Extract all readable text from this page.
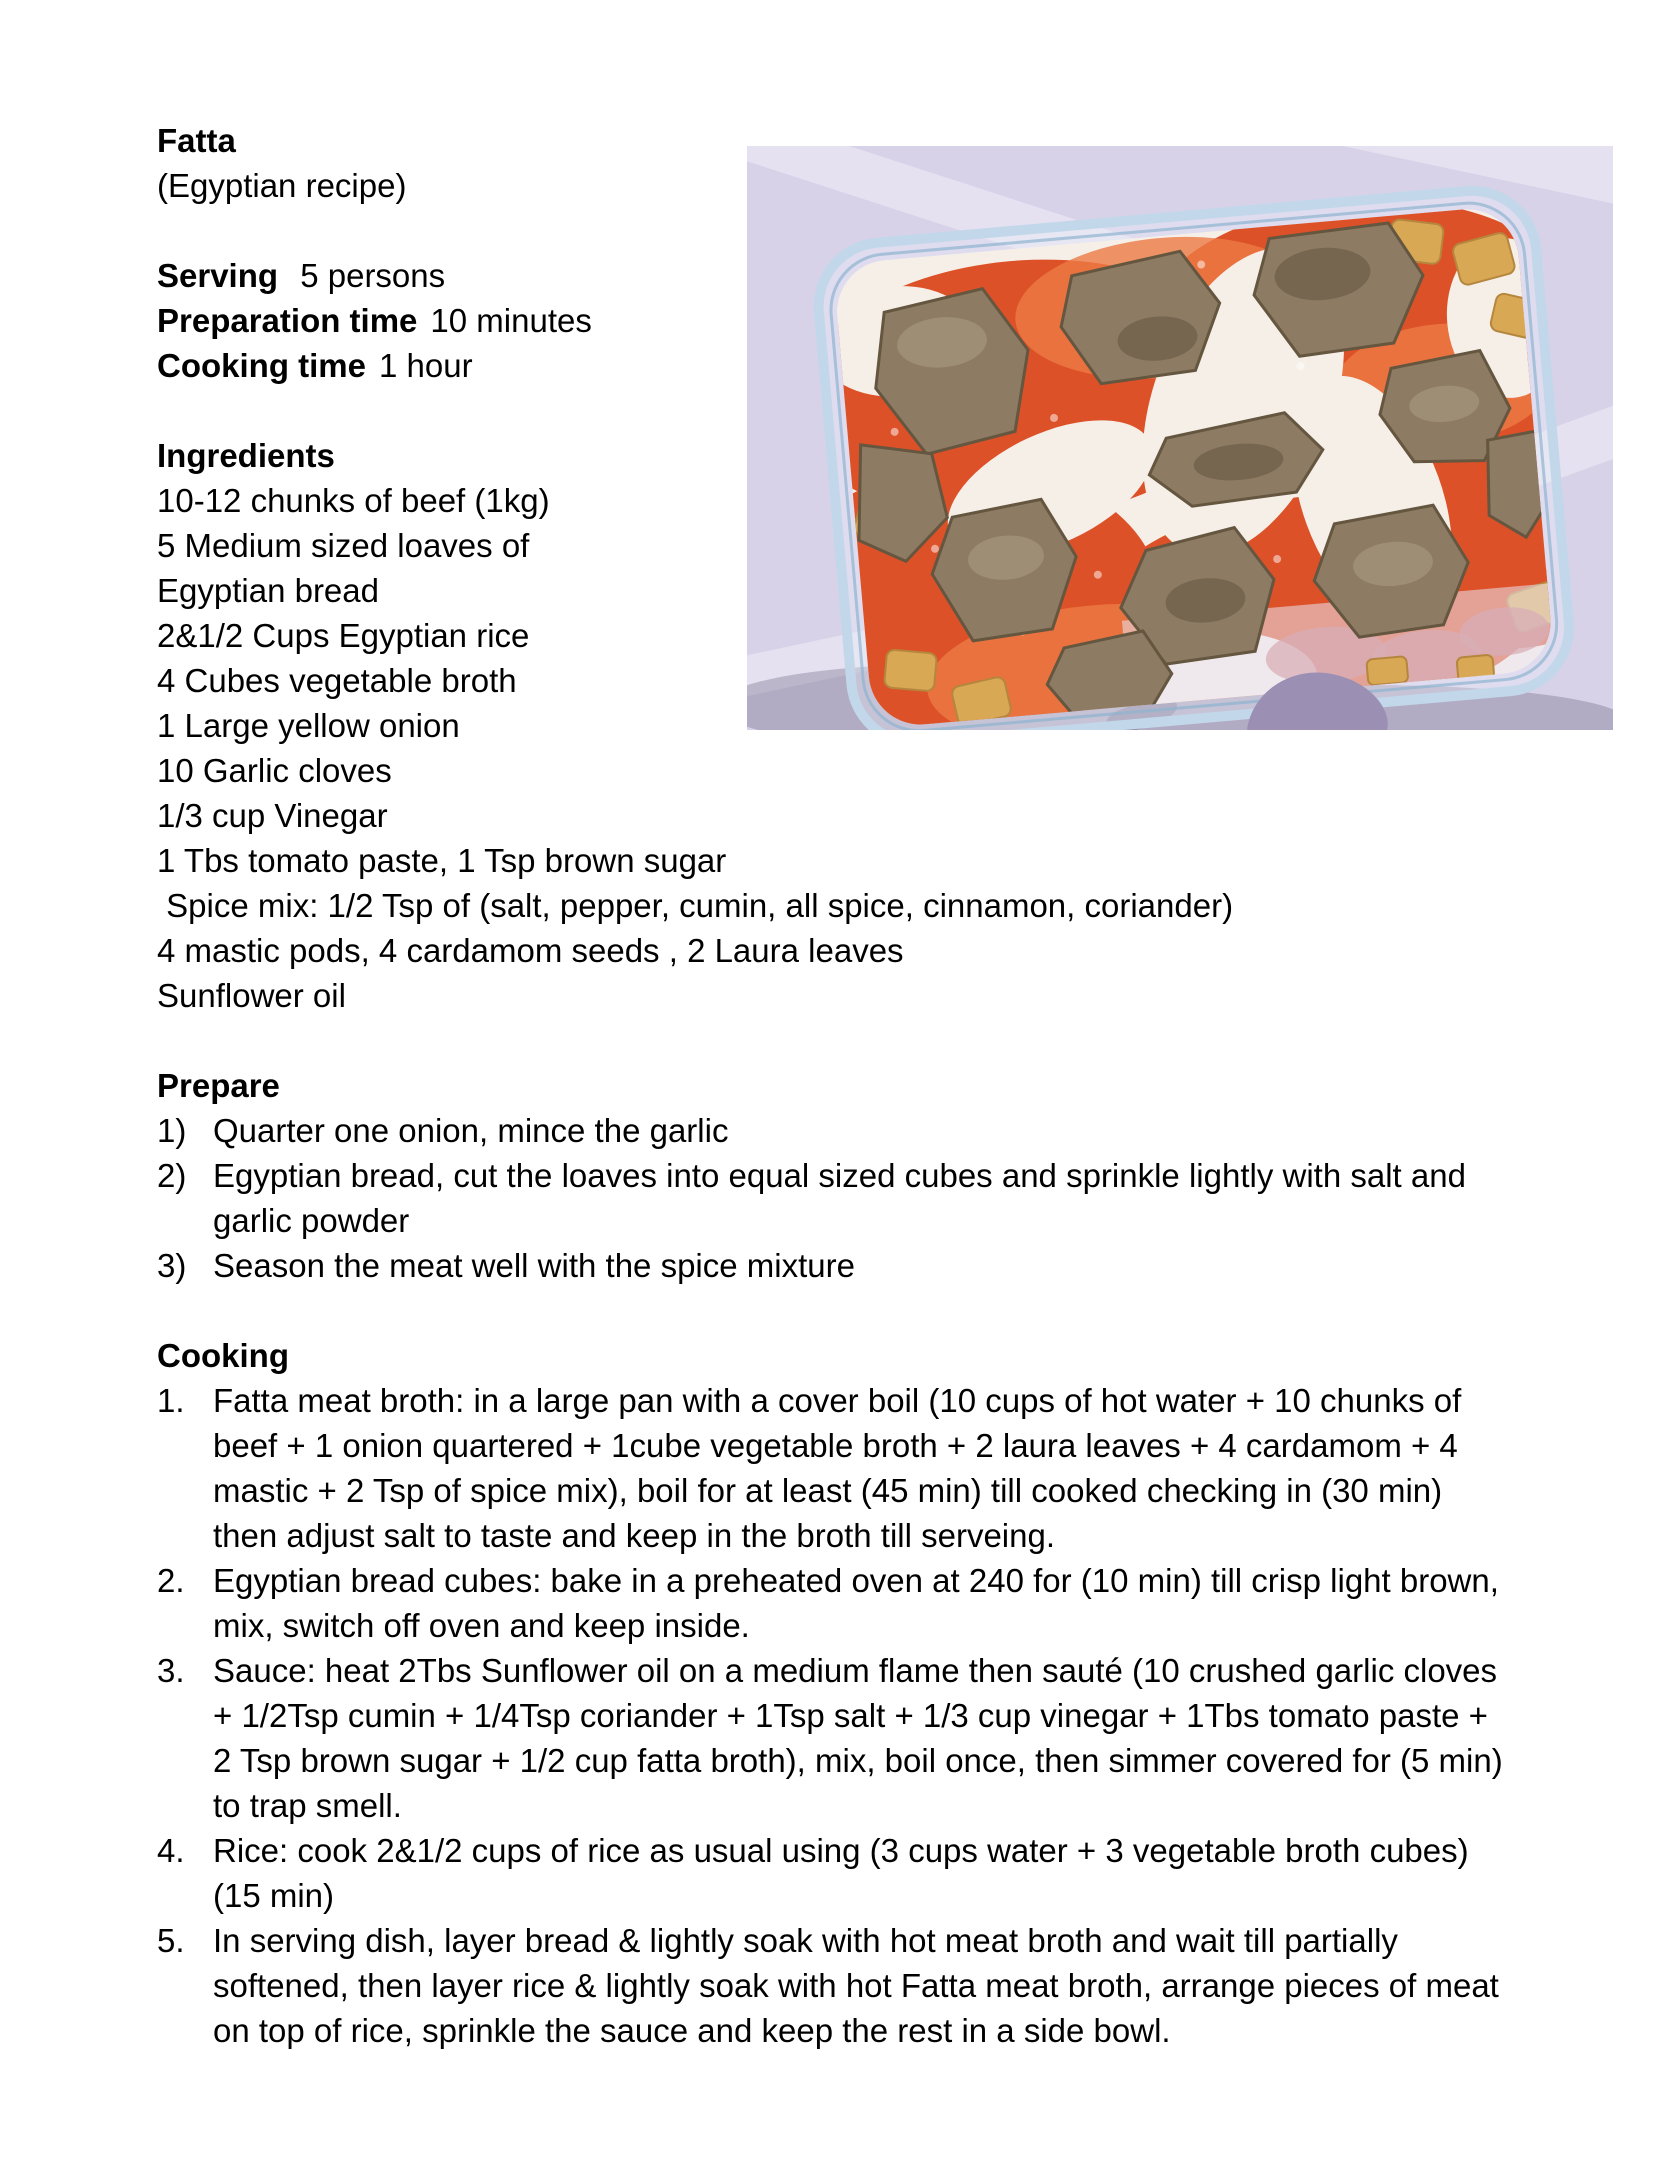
Fatta
(Egyptian recipe)
Serving 5 persons
Preparation time 10 minutes
Cooking time 1 hour
Ingredients
10-12 chunks of beef (1kg)
5 Medium sized loaves of
Egyptian bread
2&1/2 Cups Egyptian rice
4 Cubes vegetable broth
1 Large yellow onion
10 Garlic cloves
1/3 cup Vinegar
1 Tbs tomato paste, 1 Tsp brown sugar
Spice mix: 1/2 Tsp of (salt, pepper, cumin, all spice, cinnamon, coriander)
4 mastic pods, 4 cardamom seeds , 2 Laura leaves
Sunflower oil
Prepare
1) Quarter one onion, mince the garlic
2) Egyptian bread, cut the loaves into equal sized cubes and sprinkle lightly with salt and garlic powder
3) Season the meat well with the spice mixture
Cooking
1. Fatta meat broth: in a large pan with a cover boil (10 cups of hot water + 10 chunks of beef + 1 onion quartered + 1cube vegetable broth + 2 laura leaves + 4 cardamom + 4 mastic + 2 Tsp of spice mix), boil for at least (45 min) till cooked checking in (30 min) then adjust salt to taste and keep in the broth till serveing.
2. Egyptian bread cubes: bake in a preheated oven at 240 for (10 min) till crisp light brown, mix, switch off oven and keep inside.
3. Sauce: heat 2Tbs Sunflower oil on a medium flame then sauté (10 crushed garlic cloves + 1/2Tsp cumin + 1/4Tsp coriander + 1Tsp salt + 1/3 cup vinegar + 1Tbs tomato paste + 2 Tsp brown sugar + 1/2 cup fatta broth), mix, boil once, then simmer covered for (5 min) to trap smell.
4. Rice: cook 2&1/2 cups of rice as usual using (3 cups water + 3 vegetable broth cubes)  (15 min)
5. In serving dish, layer bread & lightly soak with hot meat broth and wait till partially softened, then layer rice & lightly soak with hot Fatta meat broth, arrange pieces of meat on top of rice, sprinkle the sauce and keep the rest in a side bowl.
